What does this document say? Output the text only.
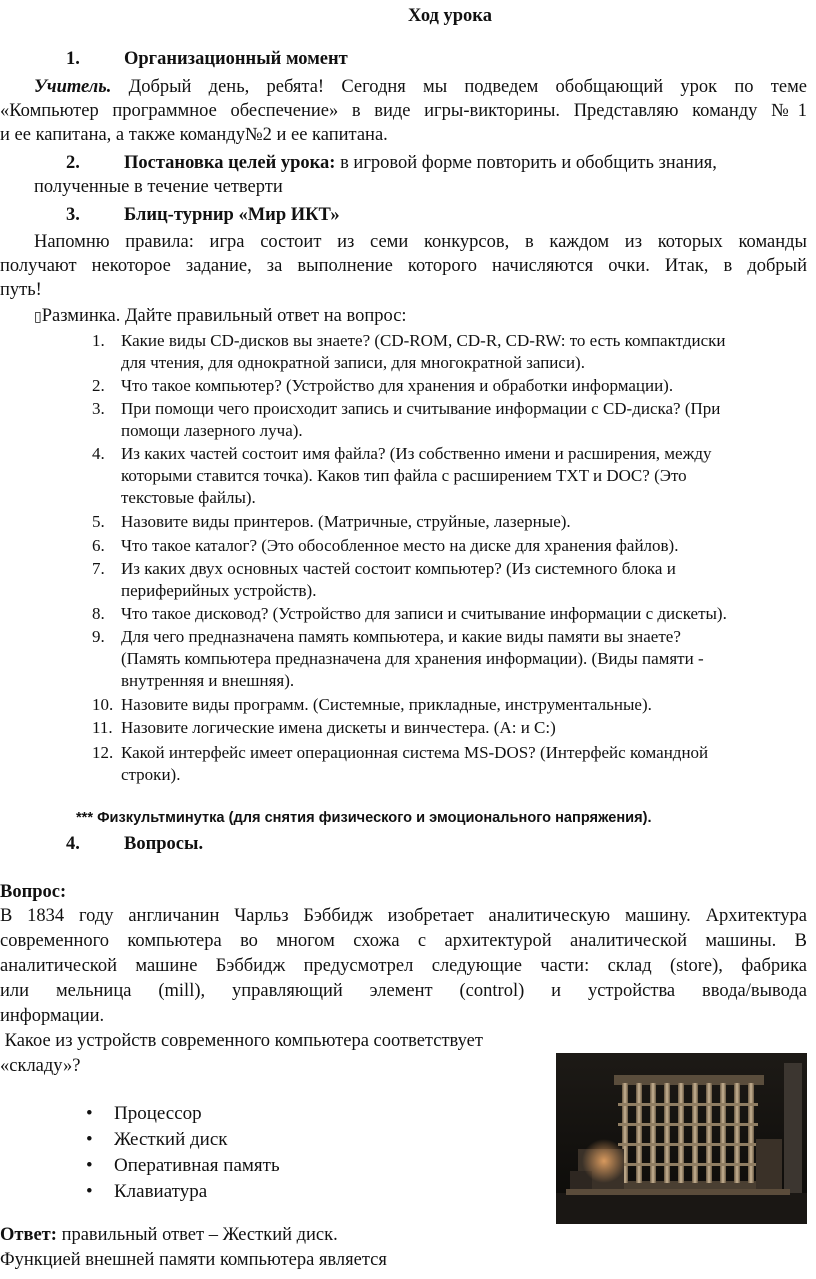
Ход урока
1. Организационный момент
Учитель. Добрый день, ребята! Сегодня мы подведем обобщающий урок по теме
«Компьютер программное обеспечение» в виде игры-викторины. Представляю команду №1
и ее капитана, а также команду№2 и ее капитана.
2. Постановка целей урока: в игровой форме повторить и обобщить знания,
полученные в течение четверти
3. Блиц-турнир «Мир ИКТ»
Напомню правила: игра состоит из семи конкурсов, в каждом из которых команды
получают некоторое задание, за выполнение которого начисляются очки. Итак, в добрый
путь!
▯Разминка. Дайте правильный ответ на вопрос:
1. Какие виды CD-дисков вы знаете? (CD-ROM, CD-R, CD-RW: то есть компактдиски
для чтения, для однократной записи, для многократной записи).
2. Что такое компьютер? (Устройство для хранения и обработки информации).
3. При помощи чего происходит запись и считывание информации с CD-диска? (При
помощи лазерного луча).
4. Из каких частей состоит имя файла? (Из собственно имени и расширения, между
которыми ставится точка). Каков тип файла с расширением TXT и DOC? (Это
текстовые файлы).
5. Назовите виды принтеров. (Матричные, струйные, лазерные).
6. Что такое каталог? (Это обособленное место на диске для хранения файлов).
7. Из каких двух основных частей состоит компьютер? (Из системного блока и
периферийных устройств).
8. Что такое дисковод? (Устройство для записи и считывание информации с дискеты).
9. Для чего предназначена память компьютера, и какие виды памяти вы знаете?
(Память компьютера предназначена для хранения информации). (Виды памяти -
внутренняя и внешняя).
10. Назовите виды программ. (Системные, прикладные, инструментальные).
11. Назовите логические имена дискеты и винчестера. (A: и C:)
12. Какой интерфейс имеет операционная система MS-DOS? (Интерфейс командной
строки).
*** Физкультминутка (для снятия физического и эмоционального напряжения).
4. Вопросы.
Вопрос:
В 1834 году англичанин Чарльз Бэббидж изобретает аналитическую машину. Архитектура
современного компьютера во многом схожа с архитектурой аналитической машины. В
аналитической машине Бэббидж предусмотрел следующие части: склад (store), фабрика
или мельница (mill), управляющий элемент (control) и устройства ввода/вывода
информации.
Какое из устройств современного компьютера соответствует
«складу»?
•	Процессор
•	Жесткий диск
•	Оперативная память
•	Клавиатура
Ответ: правильный ответ – Жесткий диск.
Функцией внешней памяти компьютера является
